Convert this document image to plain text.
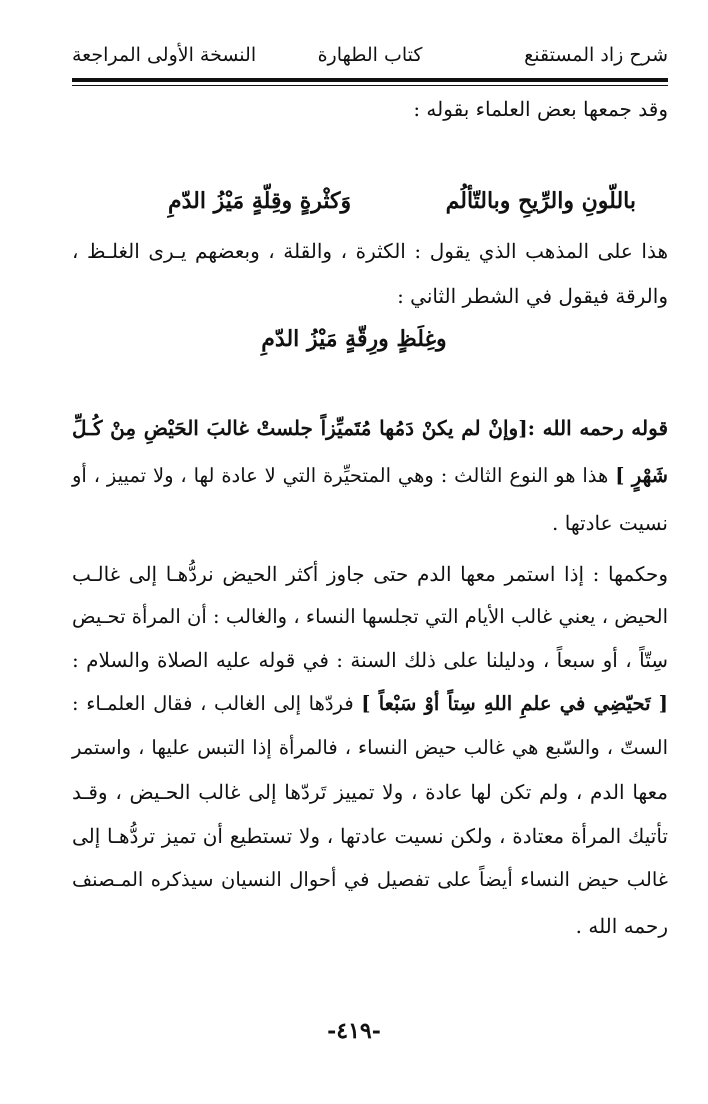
شرح زاد المستقنع
كتاب الطهارة
النسخة الأولى المراجعة
وقد جمعها بعض العلماء بقوله :
باللّونِ والرِّيحِ وبالتّألُم
وَكثْرةٍ وقِلّةٍ مَيْزُ الدّمِ
هذا على المذهب الذي يقول : الكثرة ، والقلة ، وبعضهم يـرى الغلـظ ،
والرقة فيقول في الشطر الثاني :
وغِلَظٍ ورِقّةٍ مَيْزُ الدّمِ
قوله رحمه الله :[وإنْ لم يكنْ دَمُها مُتَميِّزاً جلستْ غالبَ الحَيْضِ مِنْ كُـلِّ
شَهْرٍ ] هذا هو النوع الثالث : وهي المتحيِّرة التي لا عادة لها ، ولا تمييز ، أو
نسيت عادتها .
وحكمها : إذا استمر معها الدم حتى جاوز أكثر الحيض نردُّهـا إلى غالـب
الحيض ، يعني غالب الأيام التي تجلسها النساء ، والغالب : أن المرأة تحـيض
سِتّاً ، أو سبعاً ، ودليلنا على ذلك السنة : في قوله عليه الصلاة والسلام :
[ تَحيّضِي في علمِ اللهِ سِتاً أوْ سَبْعاً ] فردّها إلى الغالب ، فقال العلمـاء :
الستّ ، والسّبع هي غالب حيض النساء ، فالمرأة إذا التبس عليها ، واستمر
معها الدم ، ولم تكن لها عادة ، ولا تمييز تَردّها إلى غالب الحـيض ، وقـد
تأتيك المرأة معتادة ، ولكن نسيت عادتها ، ولا تستطيع أن تميز تردُّهـا إلى
غالب حيض النساء أيضاً على تفصيل في أحوال النسيان سيذكره المـصنف
رحمه الله .
-٤١٩-
